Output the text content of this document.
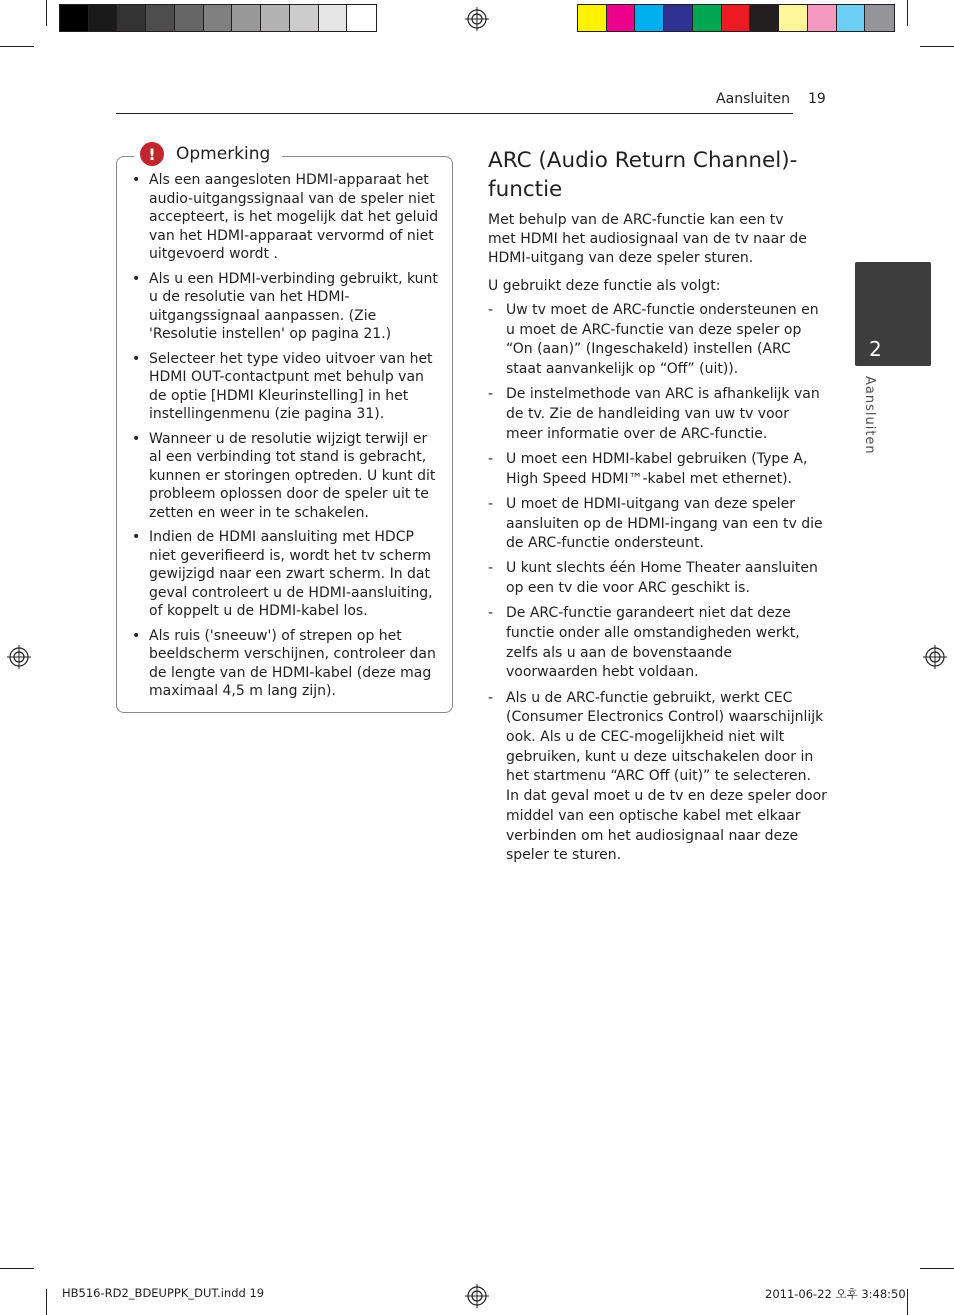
Aansluiten 19
2
Aansluiten
!	Opmerking
• Als een aangesloten HDMI-apparaat het audio-uitgangssignaal van de speler niet accepteert, is het mogelijk dat het geluid van het HDMI-apparaat vervormd of niet uitgevoerd wordt .
• Als u een HDMI-verbinding gebruikt, kunt u de resolutie van het HDMI-uitgangssignaal aanpassen. (Zie 'Resolutie instellen' op pagina 21.)
• Selecteer het type video uitvoer van het HDMI OUT-contactpunt met behulp van de optie [HDMI Kleurinstelling] in het instellingenmenu (zie pagina 31).
• Wanneer u de resolutie wijzigt terwijl er al een verbinding tot stand is gebracht, kunnen er storingen optreden. U kunt dit probleem oplossen door de speler uit te zetten en weer in te schakelen.
• Indien de HDMI aansluiting met HDCP niet geverifieerd is, wordt het tv scherm gewijzigd naar een zwart scherm. In dat geval controleert u de HDMI-aansluiting, of koppelt u de HDMI-kabel los.
• Als ruis ('sneeuw') of strepen op het beeldscherm verschijnen, controleer dan de lengte van de HDMI-kabel (deze mag maximaal 4,5 m lang zijn).
ARC (Audio Return Channel)-functie
Met behulp van de ARC-functie kan een tv met HDMI het audiosignaal van de tv naar de HDMI-uitgang van deze speler sturen.
U gebruikt deze functie als volgt:
- Uw tv moet de ARC-functie ondersteunen en u moet de ARC-functie van deze speler op “On (aan)” (Ingeschakeld) instellen (ARC staat aanvankelijk op “Off” (uit)).
- De instelmethode van ARC is afhankelijk van de tv. Zie de handleiding van uw tv voor meer informatie over de ARC-functie.
- U moet een HDMI-kabel gebruiken (Type A, High Speed HDMI™-kabel met ethernet).
- U moet de HDMI-uitgang van deze speler aansluiten op de HDMI-ingang van een tv die de ARC-functie ondersteunt.
- U kunt slechts één Home Theater aansluiten op een tv die voor ARC geschikt is.
- De ARC-functie garandeert niet dat deze functie onder alle omstandigheden werkt, zelfs als u aan de bovenstaande voorwaarden hebt voldaan.
- Als u de ARC-functie gebruikt, werkt CEC (Consumer Electronics Control) waarschijnlijk ook. Als u de CEC-mogelijkheid niet wilt gebruiken, kunt u deze uitschakelen door in het startmenu “ARC Off (uit)” te selecteren. In dat geval moet u de tv en deze speler door middel van een optische kabel met elkaar verbinden om het audiosignaal naar deze speler te sturen.
HB516-RD2_BDEUPPK_DUT.indd 19	2011-06-22 오후 3:48:50
